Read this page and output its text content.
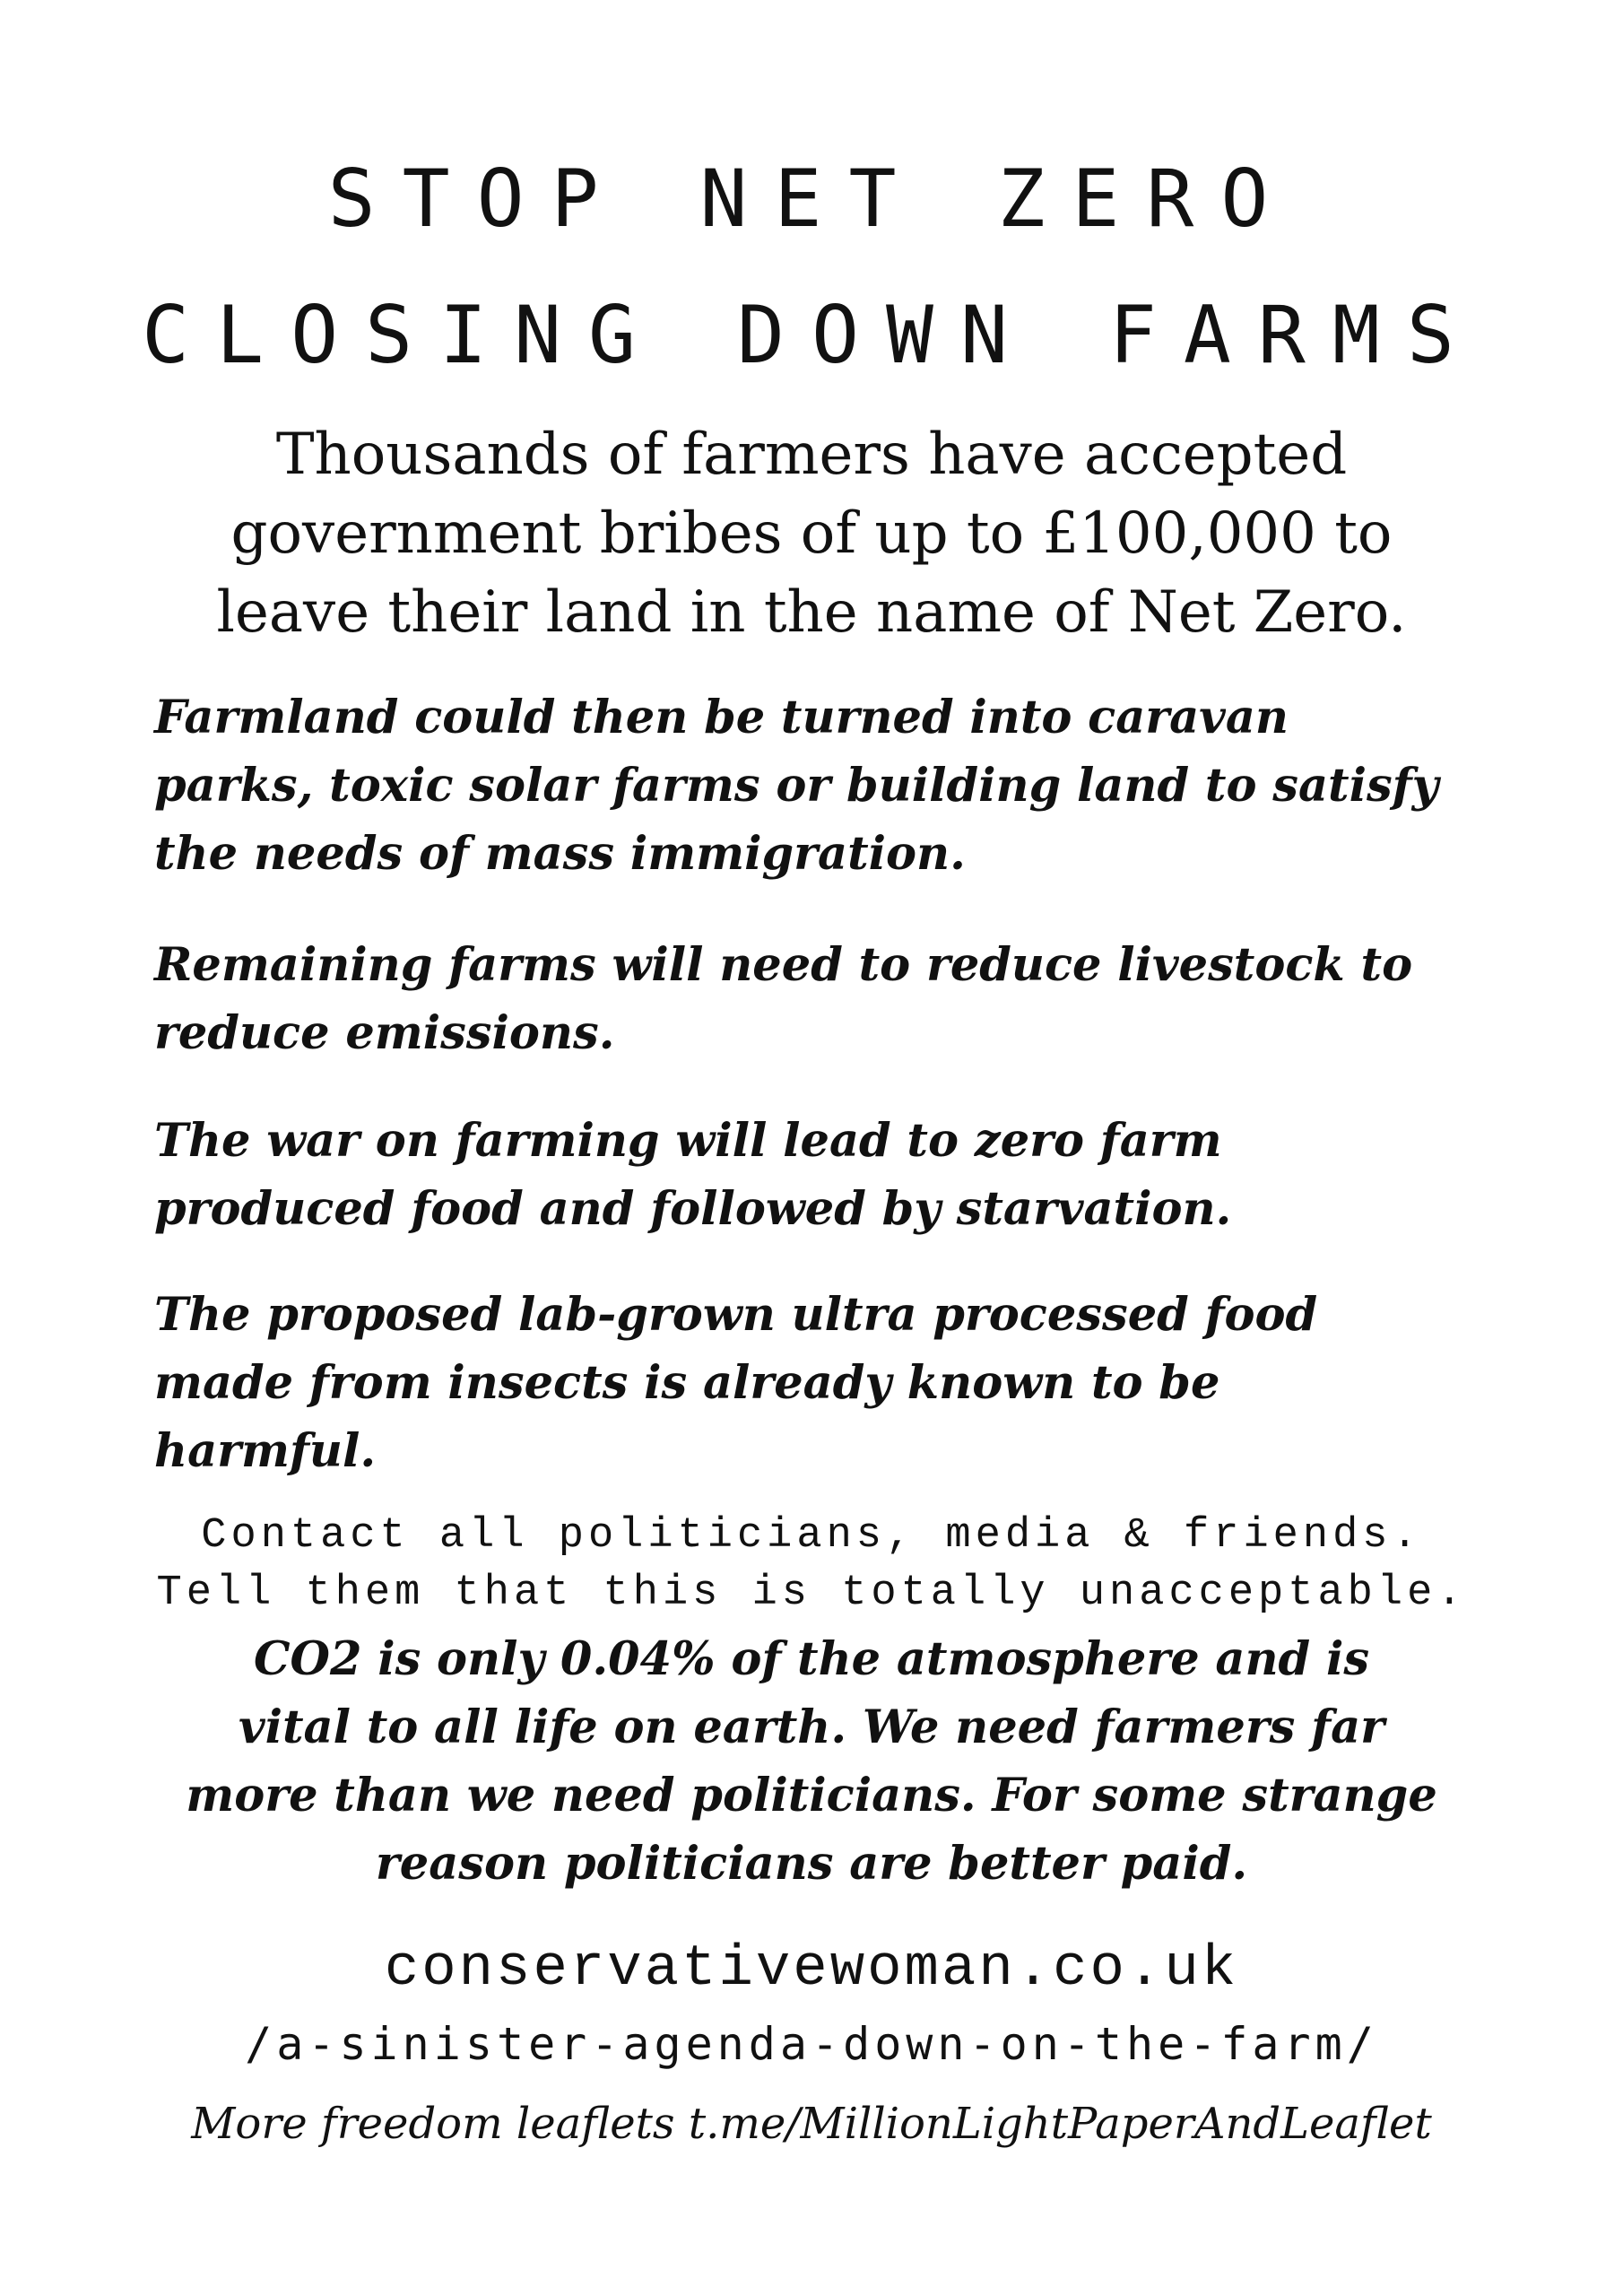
STOP NET ZERO
CLOSING DOWN FARMS

Thousands of farmers have accepted

government bribes of up to £100,000 to

leave their land in the name of Net Zero.

Farmland could then be turned into caravan

parks, toxic solar farms or building land to satisfy

the needs of mass immigration.

Remaining farms will need to reduce livestock to

reduce emissions.

The war on farming will lead to zero farm

produced food and followed by starvation.

The proposed lab-grown ultra processed food

made from insects is already known to be

harmful.

Contact all politicians, media & friends.

Tell them that this is totally unacceptable.

CO2 is only 0.04% of the atmosphere and is

vital to all life on earth. We need farmers far

more than we need politicians. For some strange

reason politicians are better paid.

conservativewoman.co.uk

/a-sinister-agenda-down-on-the-farm/

More freedom leaflets t.me/MillionLightPaperAndLeaflet
